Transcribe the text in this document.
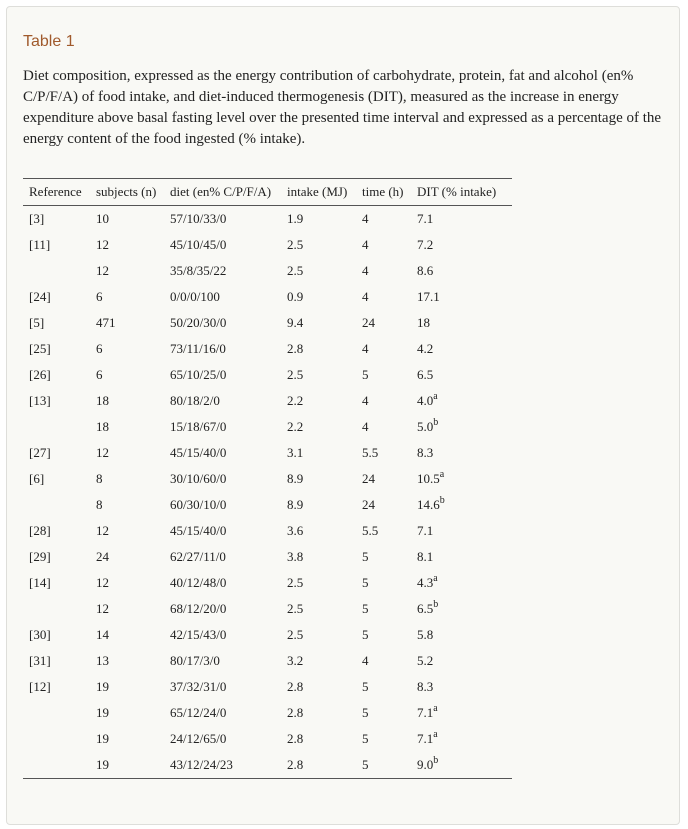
Table 1
Diet composition, expressed as the energy contribution of carbohydrate, protein, fat and alcohol (en% C/P/F/A) of food intake, and diet-induced thermogenesis (DIT), measured as the increase in energy expenditure above basal fasting level over the presented time interval and expressed as a percentage of the energy content of the food ingested (% intake).
Reference	subjects (n)	diet (en% C/P/F/A)	intake (MJ)	time (h)	DIT (% intake)
[3]	10	57/10/33/0	1.9	4	7.1
[11]	12	45/10/45/0	2.5	4	7.2
	12	35/8/35/22	2.5	4	8.6
[24]	6	0/0/0/100	0.9	4	17.1
[5]	471	50/20/30/0	9.4	24	18
[25]	6	73/11/16/0	2.8	4	4.2
[26]	6	65/10/25/0	2.5	5	6.5
[13]	18	80/18/2/0	2.2	4	4.0$^a$
	18	15/18/67/0	2.2	4	5.0$^b$
[27]	12	45/15/40/0	3.1	5.5	8.3
[6]	8	30/10/60/0	8.9	24	10.5$^a$
	8	60/30/10/0	8.9	24	14.6$^b$
[28]	12	45/15/40/0	3.6	5.5	7.1
[29]	24	62/27/11/0	3.8	5	8.1
[14]	12	40/12/48/0	2.5	5	4.3$^a$
	12	68/12/20/0	2.5	5	6.5$^b$
[30]	14	42/15/43/0	2.5	5	5.8
[31]	13	80/17/3/0	3.2	4	5.2
[12]	19	37/32/31/0	2.8	5	8.3
	19	65/12/24/0	2.8	5	7.1$^a$
	19	24/12/65/0	2.8	5	7.1$^a$
	19	43/12/24/23	2.8	5	9.0$^b$
